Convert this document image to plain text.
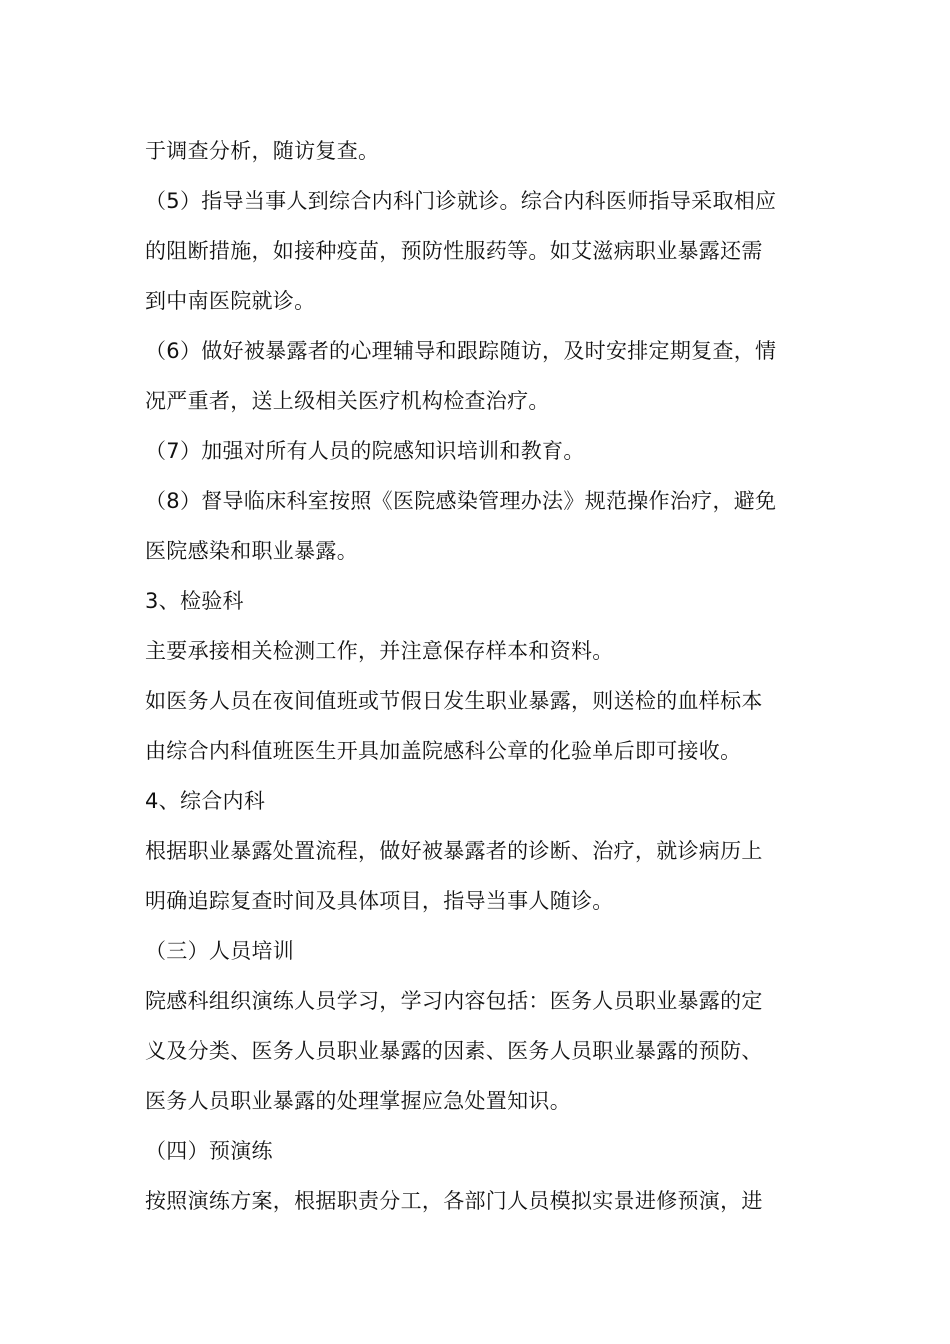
于调查分析，随访复查。
（5）指导当事人到综合内科门诊就诊。综合内科医师指导采取相应
的阻断措施，如接种疫苗，预防性服药等。如艾滋病职业暴露还需
到中南医院就诊。
（6）做好被暴露者的心理辅导和跟踪随访，及时安排定期复查，情
况严重者，送上级相关医疗机构检查治疗。
（7）加强对所有人员的院感知识培训和教育。
（8）督导临床科室按照《医院感染管理办法》规范操作治疗，避免
医院感染和职业暴露。
3、检验科
主要承接相关检测工作，并注意保存样本和资料。
如医务人员在夜间值班或节假日发生职业暴露，则送检的血样标本
由综合内科值班医生开具加盖院感科公章的化验单后即可接收。
4、综合内科
根据职业暴露处置流程，做好被暴露者的诊断、治疗，就诊病历上
明确追踪复查时间及具体项目，指导当事人随诊。
（三）人员培训
院感科组织演练人员学习，学习内容包括：医务人员职业暴露的定
义及分类、医务人员职业暴露的因素、医务人员职业暴露的预防、
医务人员职业暴露的处理掌握应急处置知识。
（四）预演练
按照演练方案，根据职责分工，各部门人员模拟实景进修预演，进
